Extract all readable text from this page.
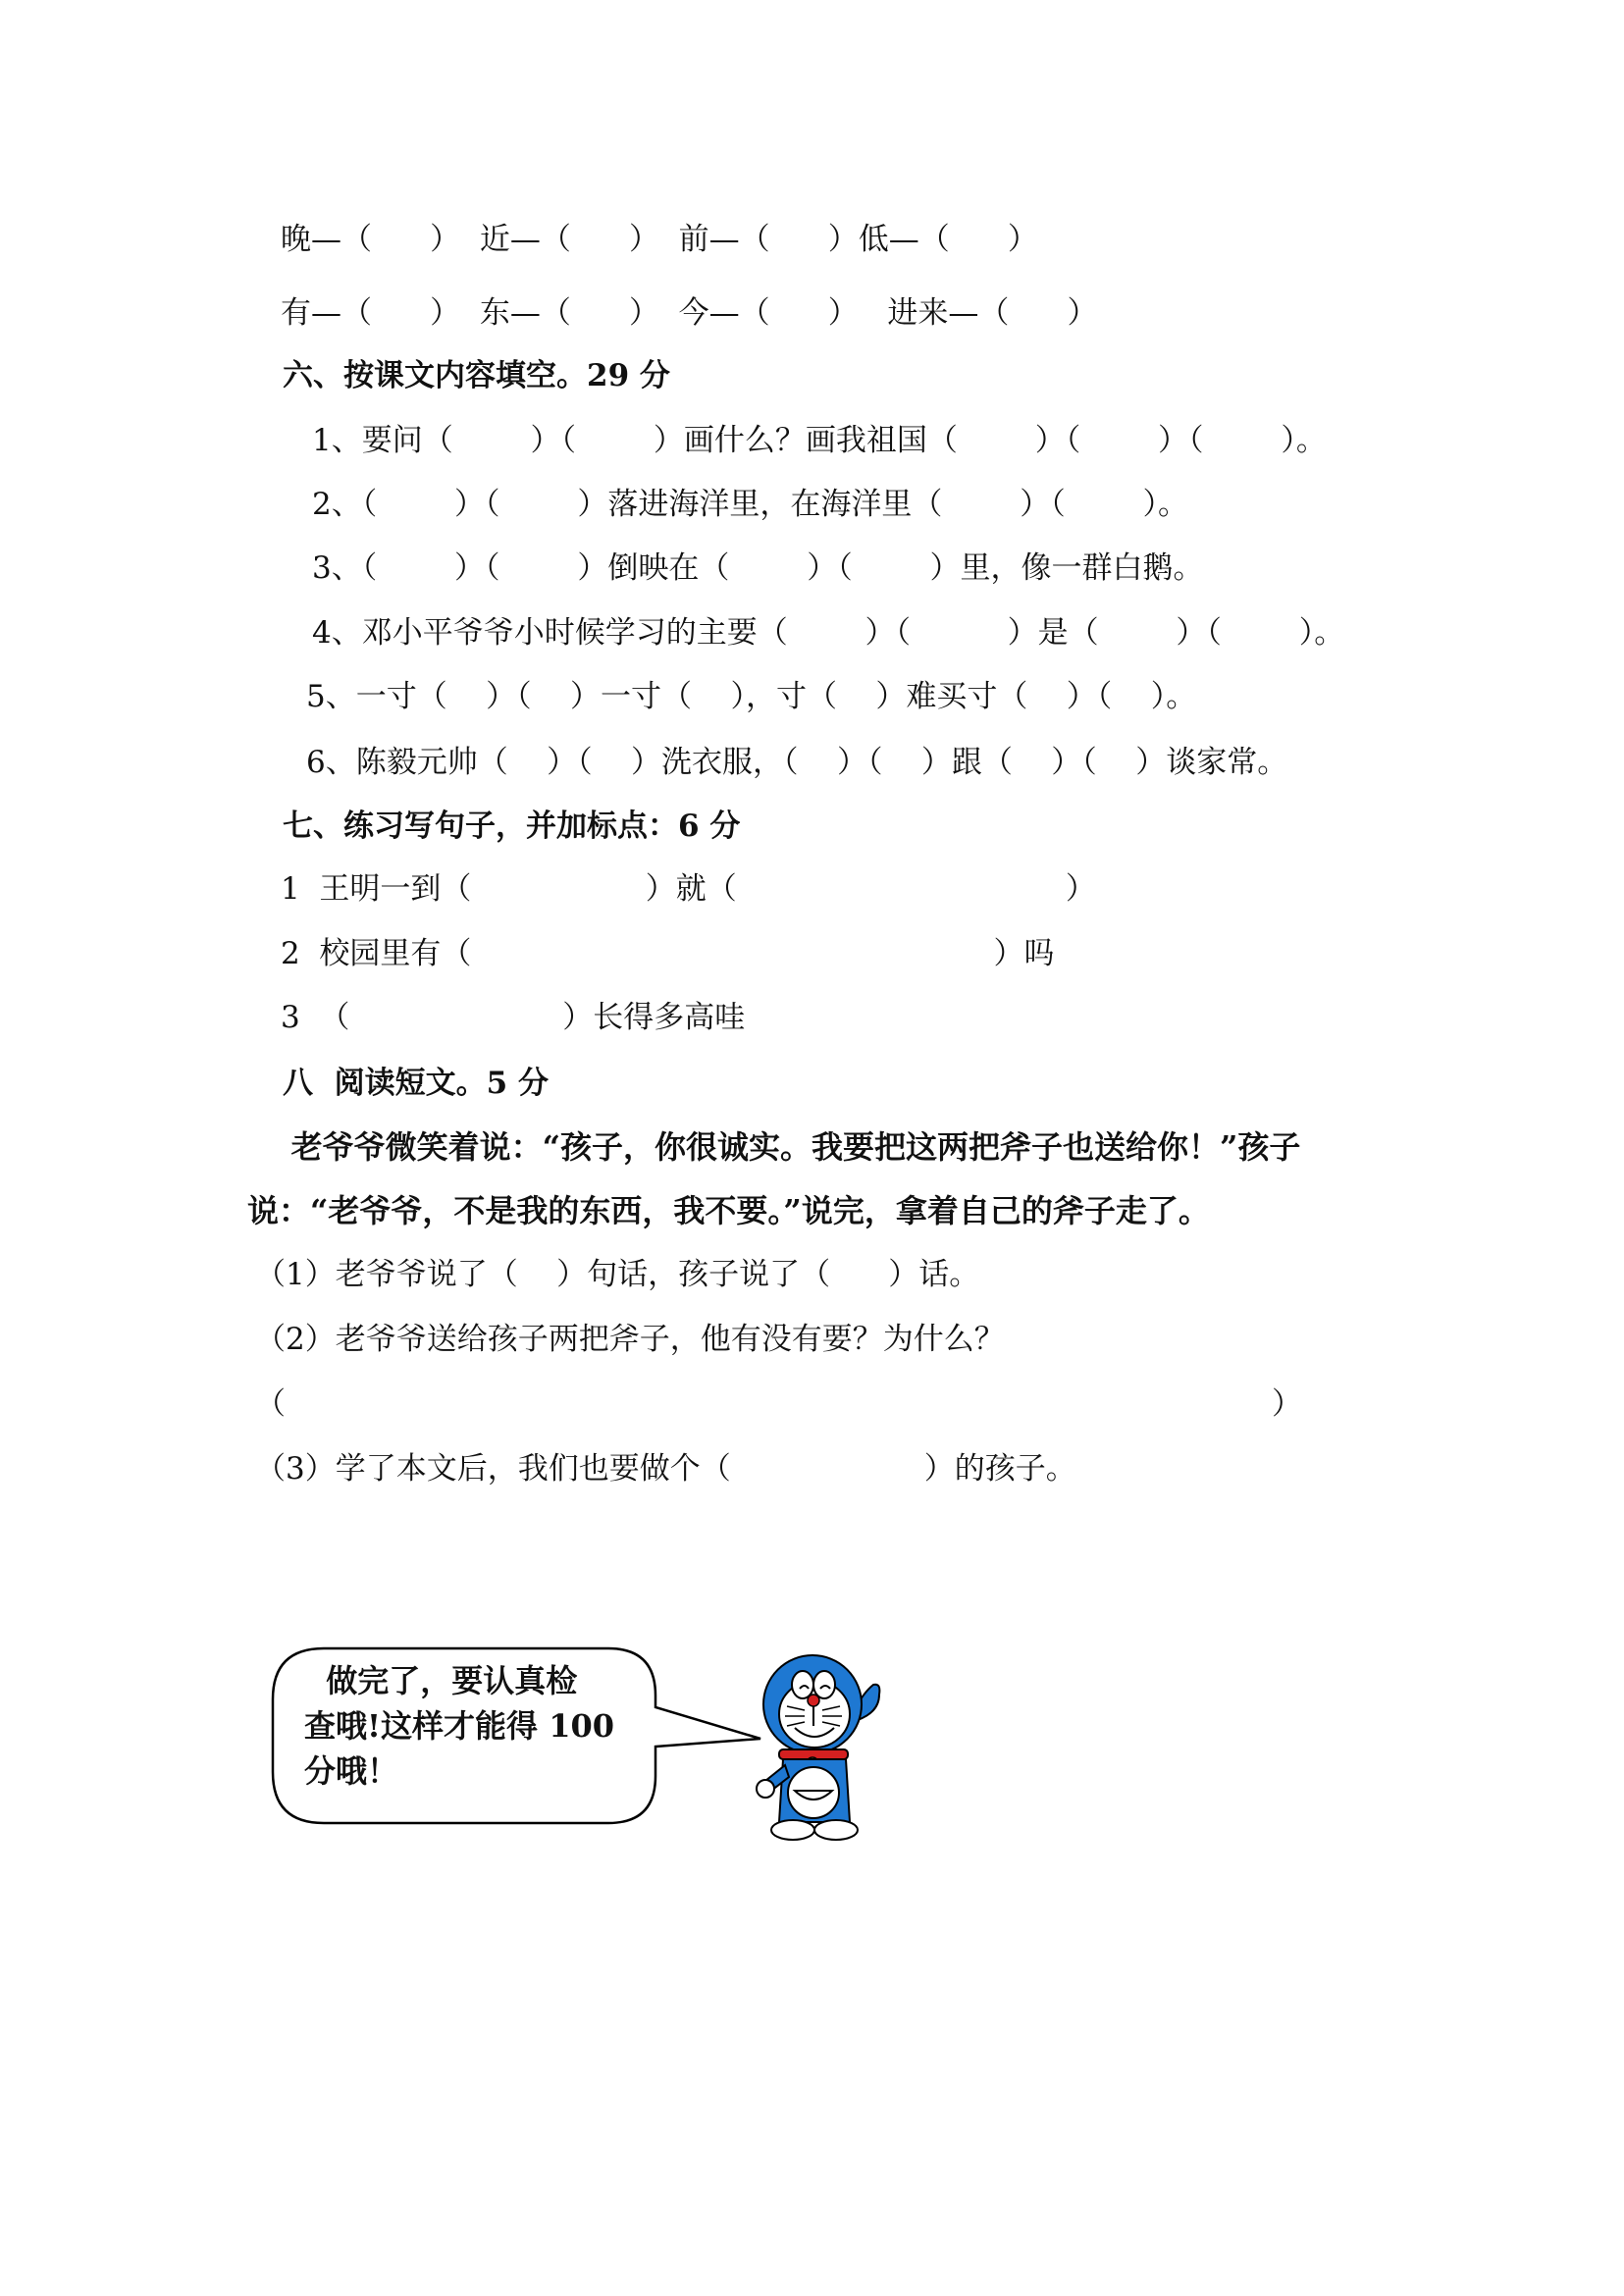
晚—（      ）  近—（      ）  前—（      ）低—（      ）
有—（      ）  东—（      ）  今—（      ）   进来—（      ）
六、按课文内容填空。29 分
1、要问（        ）（        ）画什么？画我祖国（        ）（        ）（        ）。
2、（        ）（        ）落进海洋里，在海洋里（        ）（        ）。
3、（        ）（        ）倒映在（        ）（        ）里，像一群白鹅。
4、邓小平爷爷小时候学习的主要（        ）（          ）是（        ）（        ）。
5、一寸（    ）（    ）一寸（    ），寸（    ）难买寸（    ）（    ）。
6、陈毅元帅（    ）（    ）洗衣服，（    ）（    ）跟（    ）（    ）谈家常。
七、练习写句子，并加标点：6 分
1  王明一到（                  ）就（                                  ）
2  校园里有（                                                      ）吗
3  （                      ）长得多高哇
八  阅读短文。5 分
老爷爷微笑着说：“孩子，你很诚实。我要把这两把斧子也送给你！”孩子
说：“老爷爷，不是我的东西，我不要。”说完，拿着自己的斧子走了。
（1）老爷爷说了（    ）句话，孩子说了（      ）话。
（2）老爷爷送给孩子两把斧子，他有没有要？为什么？
（	）
（3）学了本文后，我们也要做个（                    ）的孩子。
做完了，要认真检
查哦!这样才能得 100
分哦！
